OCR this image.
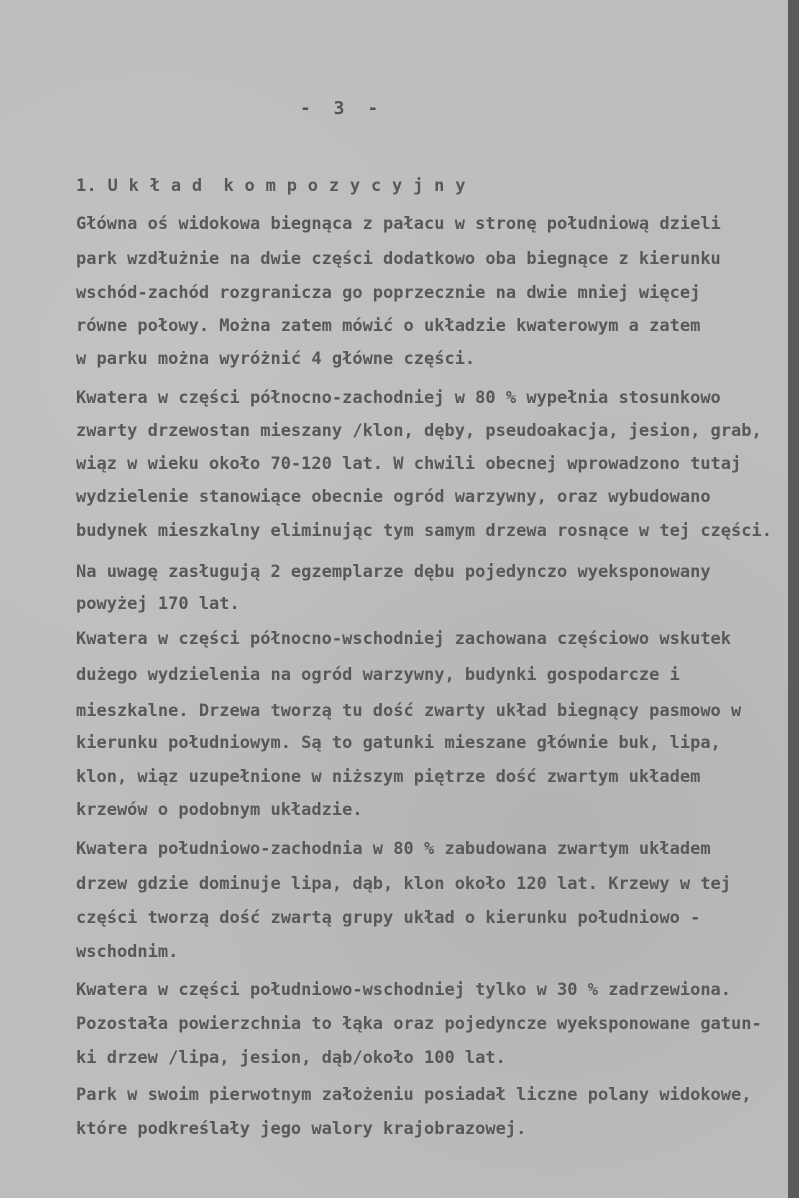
- 3 -
1. U k ł a d  k o m p o z y c y j n y
Główna oś widokowa biegnąca z pałacu w stronę południową dzieli
park wzdłużnie na dwie części dodatkowo oba biegnące z kierunku
wschód-zachód rozgranicza go poprzecznie na dwie mniej więcej
równe połowy. Można zatem mówić o układzie kwaterowym a zatem
w parku można wyróżnić 4 główne części.
Kwatera w części północno-zachodniej w 80 % wypełnia stosunkowo
zwarty drzewostan mieszany /klon, dęby, pseudoakacja, jesion, grab,
wiąz w wieku około 70-120 lat. W chwili obecnej wprowadzono tutaj
wydzielenie stanowiące obecnie ogród warzywny, oraz wybudowano
budynek mieszkalny eliminując tym samym drzewa rosnące w tej części.
Na uwagę zasługują 2 egzemplarze dębu pojedynczo wyeksponowany
powyżej 170 lat.
Kwatera w części północno-wschodniej zachowana częściowo wskutek
dużego wydzielenia na ogród warzywny, budynki gospodarcze i
mieszkalne. Drzewa tworzą tu dość zwarty układ biegnący pasmowo w
kierunku południowym. Są to gatunki mieszane głównie buk, lipa,
klon, wiąz uzupełnione w niższym piętrze dość zwartym układem
krzewów o podobnym układzie.
Kwatera południowo-zachodnia w 80 % zabudowana zwartym układem
drzew gdzie dominuje lipa, dąb, klon około 120 lat. Krzewy w tej
części tworzą dość zwartą grupy układ o kierunku południowo -
wschodnim.
Kwatera w części południowo-wschodniej tylko w 30 % zadrzewiona.
Pozostała powierzchnia to łąka oraz pojedyncze wyeksponowane gatun-
ki drzew /lipa, jesion, dąb/około 100 lat.
Park w swoim pierwotnym założeniu posiadał liczne polany widokowe,
które podkreślały jego walory krajobrazowej.
